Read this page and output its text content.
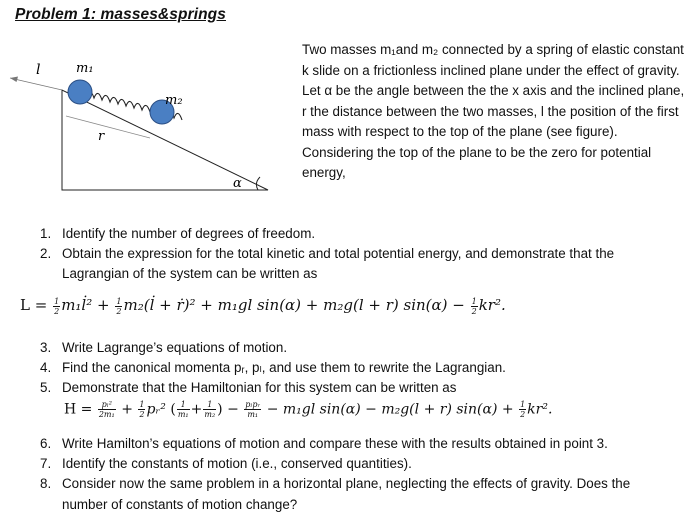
Problem 1: masses&springs
l	m₁
m₂
r
α
Two masses m₁and m₂ connected by a spring of elastic constant k slide on a frictionless inclined plane under the effect of gravity. Let α be the angle between the the x axis and the inclined plane, r the distance between the two masses, l the position of the first mass with respect to the top of the plane (see figure). Considering the top of the plane to be the zero for potential energy,
1. Identify the number of degrees of freedom.
2. Obtain the expression for the total kinetic and total potential energy, and demonstrate that the Lagrangian of the system can be written as
$L = \frac{1}{2}$ m₁l̇² + $\frac{1}{2}$ m₂(l̇ + ṙ)² + m₁gl sin(α) + m₂g(l + r) $\sin(\alpha) - \frac{1}{2} kr^2$.
3. Write Lagrange’s equations of motion.
4. Find the canonical momenta pᵣ, pₗ, and use them to rewrite the Lagrangian.
5. Demonstrate that the Hamiltonian for this system can be written as
$H = \frac{\text{pₗ²}}{\text{2m₁}} + \frac{1}{2}$ pᵣ² ( $\frac{1}{\text{m₁}} + \frac{1}{\text{m₂}}$ ) − $\frac{\text{pₗpᵣ}}{\text{m₁}} - m_1gl$ sin(α) − m₂g(l + r) $\sin(\alpha) + \frac{1}{2} kr^2$.
6. Write Hamilton’s equations of motion and compare these with the results obtained in point 3.
7. Identify the constants of motion (i.e., conserved quantities).
8. Consider now the same problem in a horizontal plane, neglecting the effects of gravity. Does the number of constants of motion change?
